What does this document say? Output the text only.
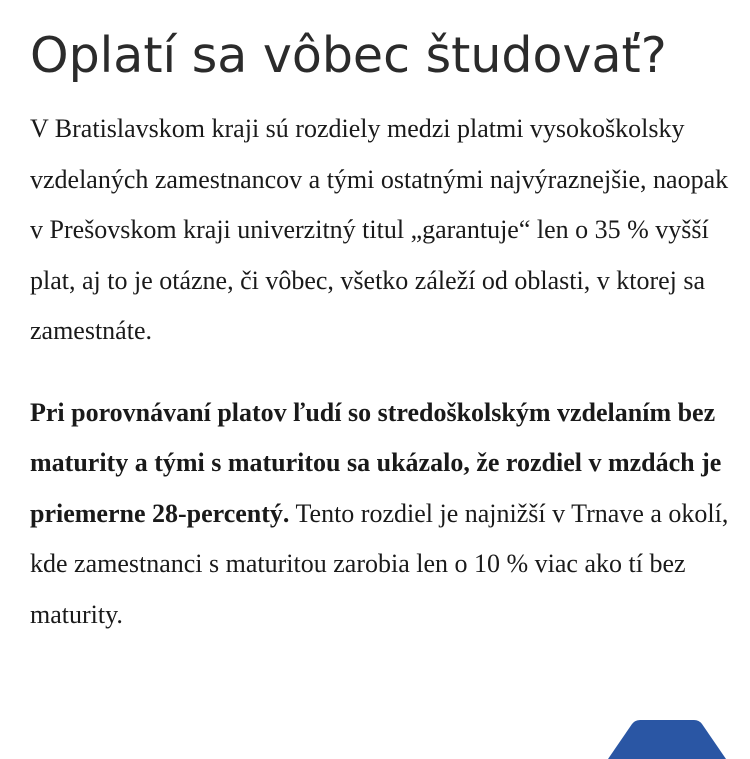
Oplatí sa vôbec študovať?

V Bratislavskom kraji sú rozdiely medzi platmi vysokoškolsky vzdelaných zamestnancov a tými ostatnými najvýraznejšie, naopak v Prešovskom kraji univerzitný titul „garantuje“ len o 35 % vyšší plat, aj to je otázne, či vôbec, všetko záleží od oblasti, v ktorej sa zamestnáte.

Pri porovnávaní platov ľudí so stredoškolským vzdelaním bez maturity a tými s maturitou sa ukázalo, že rozdiel v mzdách je priemerne 28-percentý. Tento rozdiel je najnižší v Trnave a okolí, kde zamestnanci s maturitou zarobia len o 10 % viac ako tí bez maturity.
